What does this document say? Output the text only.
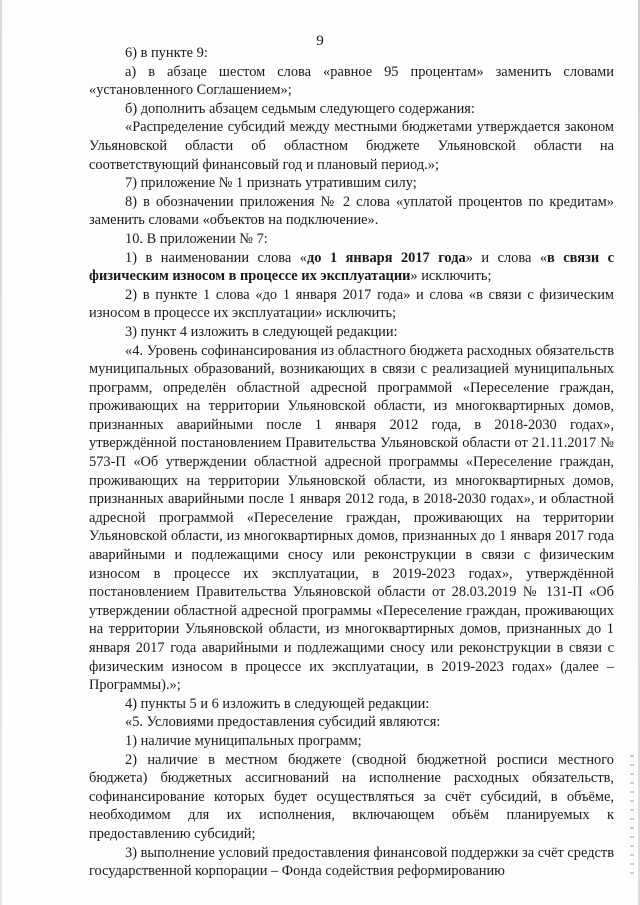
9

6) в пункте 9:

а) в абзаце шестом слова «равное 95 процентам» заменить словами «установленного Соглашением»;

б) дополнить абзацем седьмым следующего содержания:

«Распределение субсидий между местными бюджетами утверждается законом Ульяновской области об областном бюджете Ульяновской области на соответствующий финансовый год и плановый период.»;

7) приложение № 1 признать утратившим силу;

8) в обозначении приложения № 2 слова «уплатой процентов по кредитам» заменить словами «объектов на подключение».

10. В приложении № 7:

1) в наименовании слова «до 1 января 2017 года» и слова «в связи с физическим износом в процессе их эксплуатации» исключить;

2) в пункте 1 слова «до 1 января 2017 года» и слова «в связи с физическим износом в процессе их эксплуатации» исключить;

3) пункт 4 изложить в следующей редакции:

«4. Уровень софинансирования из областного бюджета расходных обязательств муниципальных образований, возникающих в связи с реализацией муниципальных программ, определён областной адресной программой «Переселение граждан, проживающих на территории Ульяновской области, из многоквартирных домов, признанных аварийными после 1 января 2012 года, в 2018-2030 годах», утверждённой постановлением Правительства Ульяновской области от 21.11.2017 № 573-П «Об утверждении областной адресной программы «Переселение граждан, проживающих на территории Ульяновской области, из многоквартирных домов, признанных аварийными после 1 января 2012 года, в 2018-2030 годах», и областной адресной программой «Переселение граждан, проживающих на территории Ульяновской области, из многоквартирных домов, признанных до 1 января 2017 года аварийными и подлежащими сносу или реконструкции в связи с физическим износом в процессе их эксплуатации, в 2019-2023 годах», утверждённой постановлением Правительства Ульяновской области от 28.03.2019 № 131-П «Об утверждении областной адресной программы «Переселение граждан, проживающих на территории Ульяновской области, из многоквартирных домов, признанных до 1 января 2017 года аварийными и подлежащими сносу или реконструкции в связи с физическим износом в процессе их эксплуатации, в 2019-2023 годах» (далее – Программы).»;

4) пункты 5 и 6 изложить в следующей редакции:

«5. Условиями предоставления субсидий являются:

1) наличие муниципальных программ;

2) наличие в местном бюджете (сводной бюджетной росписи местного бюджета) бюджетных ассигнований на исполнение расходных обязательств, софинансирование которых будет осуществляться за счёт субсидий, в объёме, необходимом для их исполнения, включающем объём планируемых к предоставлению субсидий;

3) выполнение условий предоставления финансовой поддержки за счёт средств государственной корпорации – Фонда содействия реформированию
